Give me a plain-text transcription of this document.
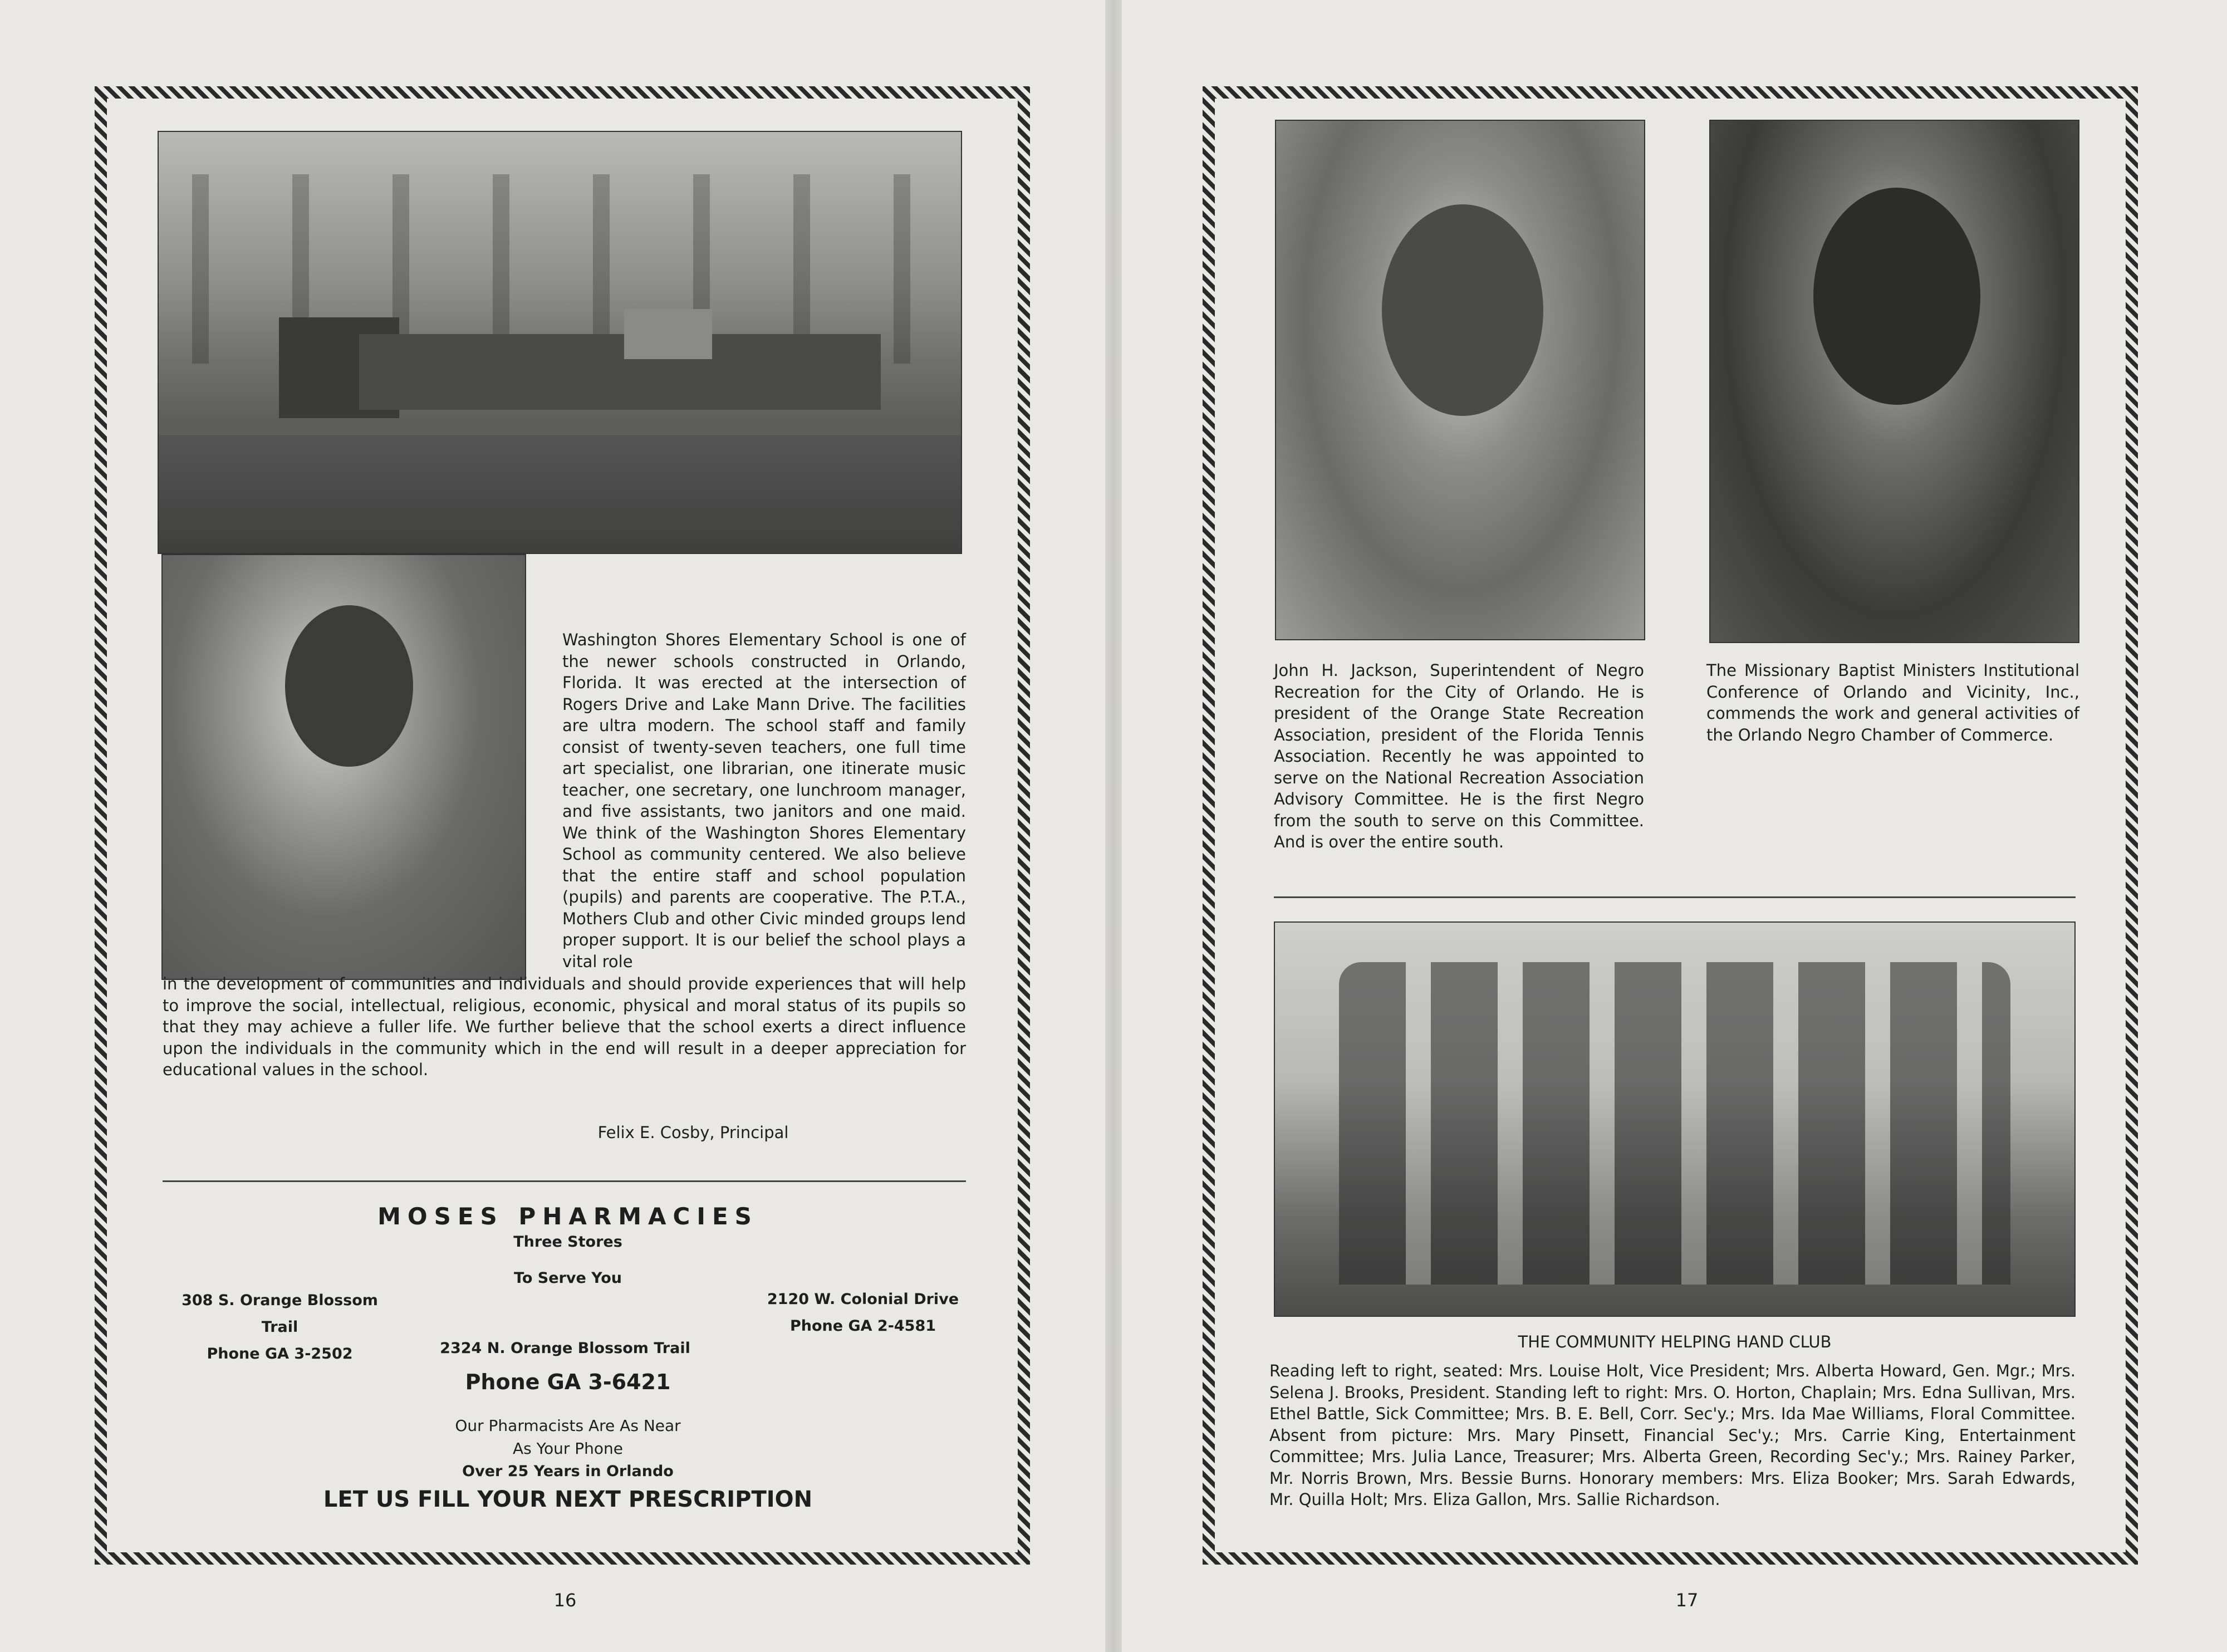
Washington Shores Elementary School is one of the newer schools constructed in Orlando, Florida. It was erected at the intersection of Rogers Drive and Lake Mann Drive. The facilities are ultra modern. The school staff and family consist of twenty-seven teachers, one full time art specialist, one librarian, one itinerate music teacher, one secretary, one lunchroom manager, and five assistants, two janitors and one maid. We think of the Washington Shores Elementary School as community centered. We also believe that the entire staff and school population (pupils) and parents are cooperative. The P.T.A., Mothers Club and other Civic minded groups lend proper support. It is our belief the school plays a vital role
in the development of communities and individuals and should provide experiences that will help to improve the social, intellectual, religious, economic, physical and moral status of its pupils so that they may achieve a fuller life. We further believe that the school exerts a direct influence upon the individuals in the community which in the end will result in a deeper appreciation for educational values in the school.
Felix E. Cosby, Principal
MOSES PHARMACIES
Three Stores
To Serve You
308 S. Orange Blossom Trail
Phone GA 3-2502
2120 W. Colonial Drive
Phone GA 2-4581
2324 N. Orange Blossom Trail
Phone GA 3-6421
Our Pharmacists Are As Near
As Your Phone
Over 25 Years in Orlando
LET US FILL YOUR NEXT PRESCRIPTION
16
John H. Jackson, Superintendent of Negro Recreation for the City of Orlando. He is president of the Orange State Recreation Association, president of the Florida Tennis Association. Recently he was appointed to serve on the National Recreation Association Advisory Committee. He is the first Negro from the south to serve on this Committee. And is over the entire south.
The Missionary Baptist Ministers Institutional Conference of Orlando and Vicinity, Inc., commends the work and general activities of the Orlando Negro Chamber of Commerce.
THE COMMUNITY HELPING HAND CLUB
Reading left to right, seated: Mrs. Louise Holt, Vice President; Mrs. Alberta Howard, Gen. Mgr.; Mrs. Selena J. Brooks, President. Standing left to right: Mrs. O. Horton, Chaplain; Mrs. Edna Sullivan, Mrs. Ethel Battle, Sick Committee; Mrs. B. E. Bell, Corr. Sec'y.; Mrs. Ida Mae Williams, Floral Committee. Absent from picture: Mrs. Mary Pinsett, Financial Sec'y.; Mrs. Carrie King, Entertainment Committee; Mrs. Julia Lance, Treasurer; Mrs. Alberta Green, Recording Sec'y.; Mrs. Rainey Parker, Mr. Norris Brown, Mrs. Bessie Burns. Honorary members: Mrs. Eliza Booker; Mrs. Sarah Edwards, Mr. Quilla Holt; Mrs. Eliza Gallon, Mrs. Sallie Richardson.
17
